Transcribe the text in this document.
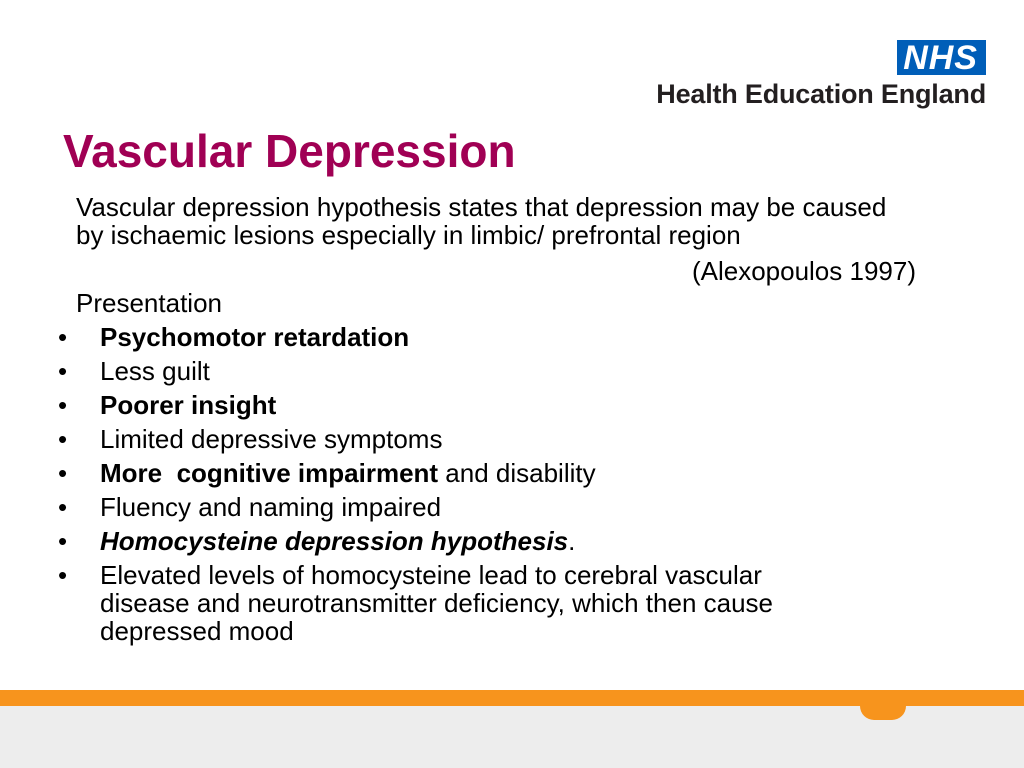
NHS
Health Education England
Vascular Depression
Vascular depression hypothesis states that depression may be caused by ischaemic lesions especially in limbic/ prefrontal region
(Alexopoulos 1997)
Presentation
• Psychomotor retardation
• Less guilt
• Poorer insight
• Limited depressive symptoms
• More  cognitive impairment and disability
• Fluency and naming impaired
• Homocysteine depression hypothesis.
• Elevated levels of homocysteine lead to cerebral vascular disease and neurotransmitter deficiency, which then cause depressed mood
